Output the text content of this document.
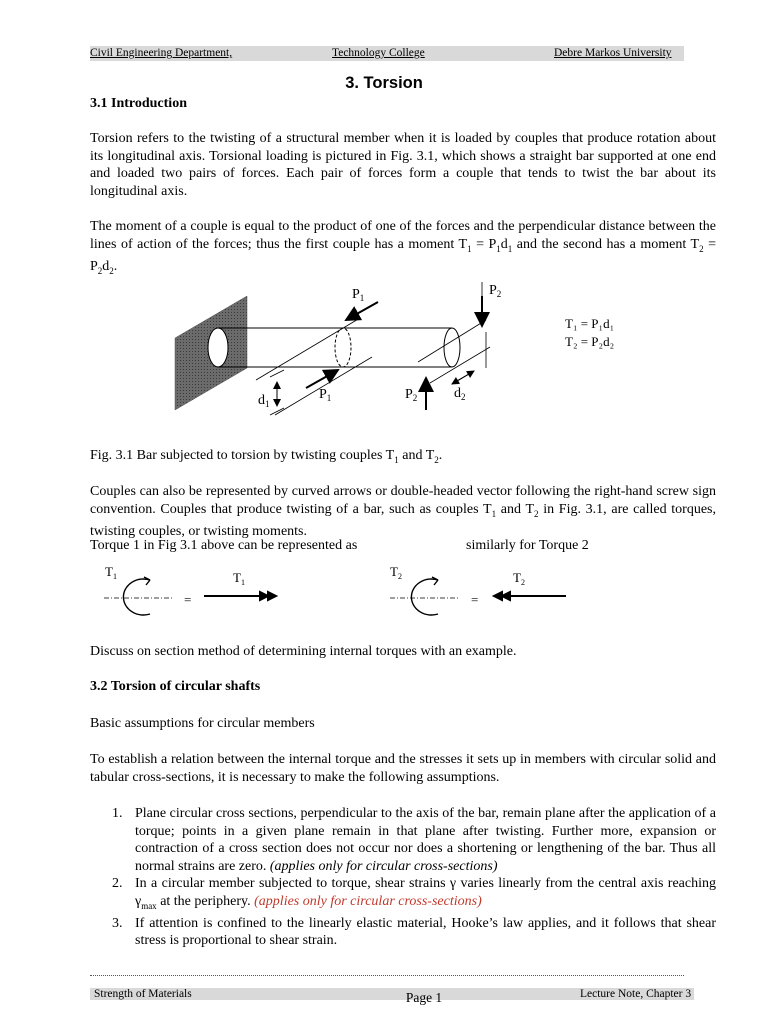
Civil Engineering Department,	Technology College	Debre Markos University
3. Torsion
3.1 Introduction
Torsion refers to the twisting of a structural member when it is loaded by couples that produce rotation about its longitudinal axis. Torsional loading is pictured in Fig. 3.1, which shows a straight bar supported at one end and loaded two pairs of forces. Each pair of forces form a couple that tends to twist the bar about its longitudinal axis.
The moment of a couple is equal to the product of one of the forces and the perpendicular distance between the lines of action of the forces; thus the first couple has a moment $T_1 = P_1d_1$ and the second has a moment $T_2 = P_2d_2$.
$P_1$	$P_2$
$P_1$	$P_2$
$d_1$
$d_2$
T₁ = P₁d₁
T₂ = P₂d₂
Fig. 3.1 Bar subjected to torsion by twisting couples $T_1$ and $T_2$.
Couples can also be represented by curved arrows or double-headed vector following the right-hand screw sign convention. Couples that produce twisting of a bar, such as couples $T_1$ and $T_2$ in Fig. 3.1, are called torques, twisting couples, or twisting moments.
Torque 1 in Fig 3.1 above can be represented as	similarly for Torque 2
$T_1$	$T_1$
=
$T_2$	$T_2$
=
Discuss on section method of determining internal torques with an example.
3.2 Torsion of circular shafts
Basic assumptions for circular members
To establish a relation between the internal torque and the stresses it sets up in members with circular solid and tabular cross-sections, it is necessary to make the following assumptions.
1. Plane circular cross sections, perpendicular to the axis of the bar, remain plane after the application of a torque; points in a given plane remain in that plane after twisting. Further more, expansion or contraction of a cross section does not occur nor does a shortening or lengthening of the bar. Thus all normal strains are zero. (applies only for circular cross-sections)
2. In a circular member subjected to torque, shear strains γ varies linearly from the central axis reaching $\gamma_{max}$ at the periphery. (applies only for circular cross-sections)
3. If attention is confined to the linearly elastic material, Hooke’s law applies, and it follows that shear stress is proportional to shear strain.
Strength of Materials	Lecture Note, Chapter 3
Page 1
